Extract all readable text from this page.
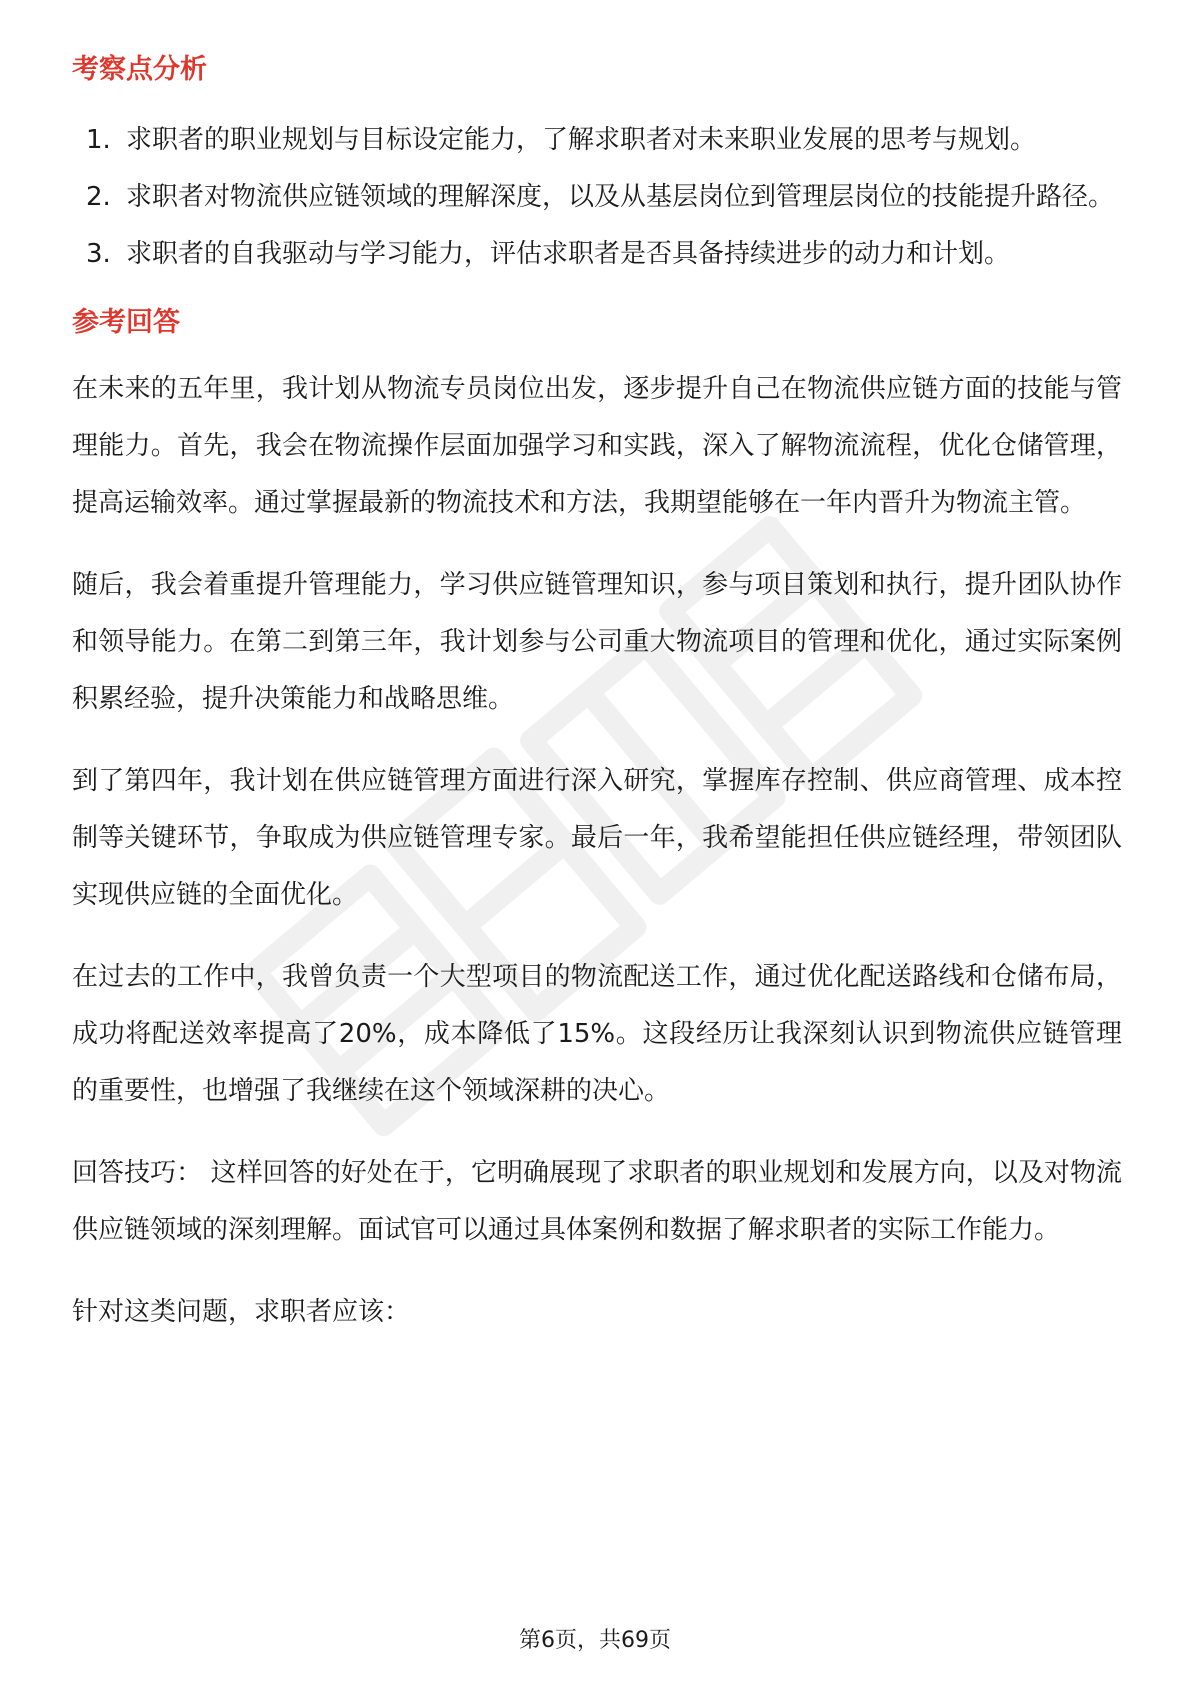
考察点分析
1. 求职者的职业规划与目标设定能力，了解求职者对未来职业发展的思考与规划。
2. 求职者对物流供应链领域的理解深度，以及从基层岗位到管理层岗位的技能提升路径。
3. 求职者的自我驱动与学习能力，评估求职者是否具备持续进步的动力和计划。
参考回答

在未来的五年里，我计划从物流专员岗位出发，逐步提升自己在物流供应链方面的技能与管理能力。首先，我会在物流操作层面加强学习和实践，深入了解物流流程，优化仓储管理，提高运输效率。通过掌握最新的物流技术和方法，我期望能够在一年内晋升为物流主管。

随后，我会着重提升管理能力，学习供应链管理知识，参与项目策划和执行，提升团队协作和领导能力。在第二到第三年，我计划参与公司重大物流项目的管理和优化，通过实际案例积累经验，提升决策能力和战略思维。

到了第四年，我计划在供应链管理方面进行深入研究，掌握库存控制、供应商管理、成本控制等关键环节，争取成为供应链管理专家。最后一年，我希望能担任供应链经理，带领团队实现供应链的全面优化。

在过去的工作中，我曾负责一个大型项目的物流配送工作，通过优化配送路线和仓储布局，成功将配送效率提高了20%，成本降低了15%。这段经历让我深刻认识到物流供应链管理的重要性，也增强了我继续在这个领域深耕的决心。

回答技巧： 这样回答的好处在于，它明确展现了求职者的职业规划和发展方向，以及对物流供应链领域的深刻理解。面试官可以通过具体案例和数据了解求职者的实际工作能力。

针对这类问题，求职者应该：

第6页，共69页
